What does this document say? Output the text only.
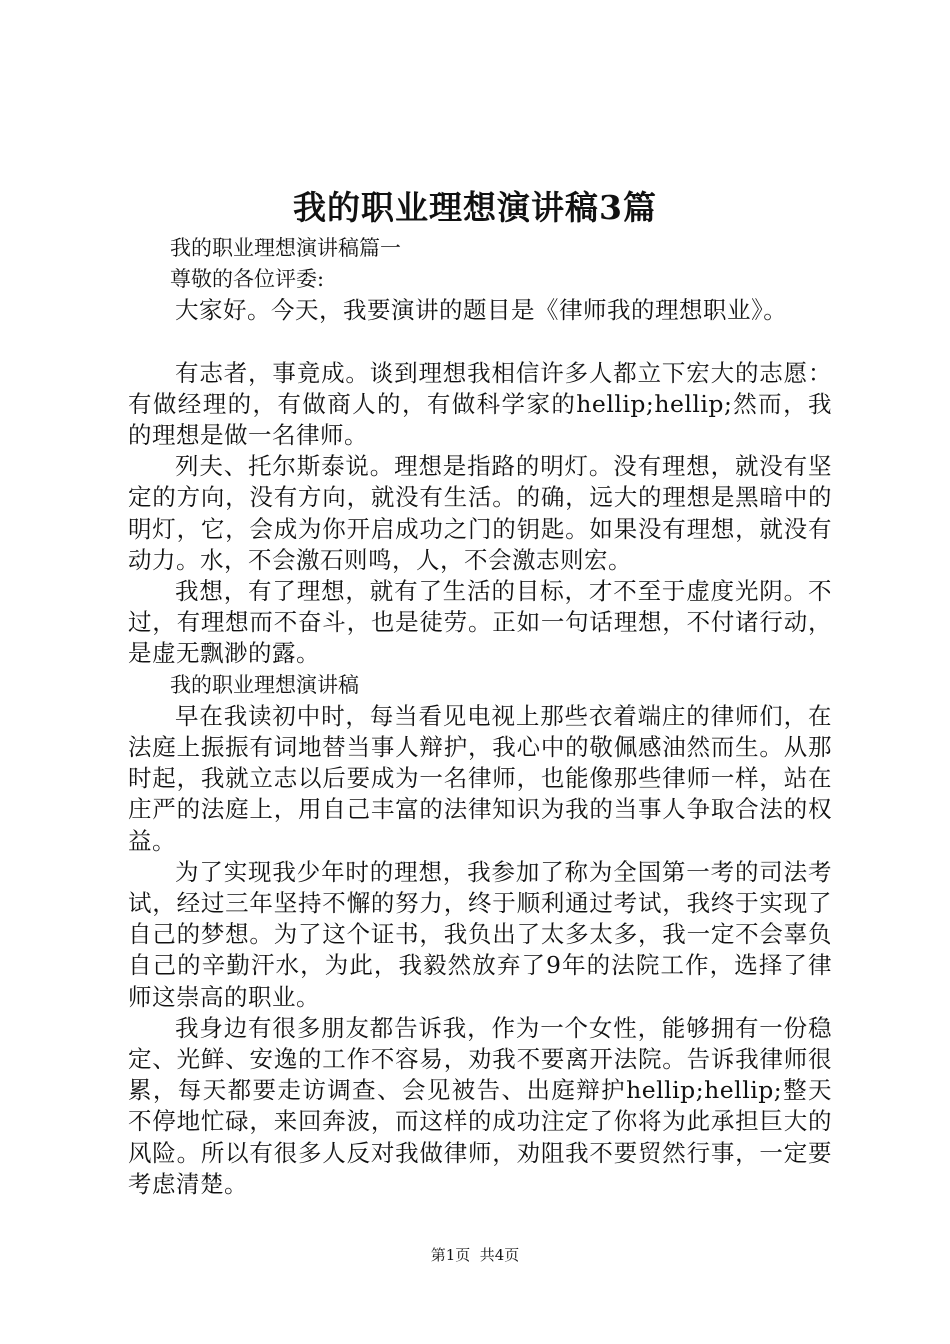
我的职业理想演讲稿3篇

我的职业理想演讲稿篇一

尊敬的各位评委:

大家好。今天，我要演讲的题目是《律师我的理想职业》。

有志者，事竟成。谈到理想我相信许多人都立下宏大的志愿：有做经理的，有做商人的，有做科学家的hellip;hellip;然而，我的理想是做一名律师。

列夫、托尔斯泰说。理想是指路的明灯。没有理想，就没有坚定的方向，没有方向，就没有生活。的确，远大的理想是黑暗中的明灯，它，会成为你开启成功之门的钥匙。如果没有理想，就没有动力。水，不会激石则鸣，人，不会激志则宏。

我想，有了理想，就有了生活的目标，才不至于虚度光阴。不过，有理想而不奋斗，也是徒劳。正如一句话理想，不付诸行动，是虚无飘渺的露。

我的职业理想演讲稿

早在我读初中时，每当看见电视上那些衣着端庄的律师们，在法庭上振振有词地替当事人辩护，我心中的敬佩感油然而生。从那时起，我就立志以后要成为一名律师，也能像那些律师一样，站在庄严的法庭上，用自己丰富的法律知识为我的当事人争取合法的权益。

为了实现我少年时的理想，我参加了称为全国第一考的司法考试，经过三年坚持不懈的努力，终于顺利通过考试，我终于实现了自己的梦想。为了这个证书，我负出了太多太多，我一定不会辜负自己的辛勤汗水，为此，我毅然放弃了9年的法院工作，选择了律师这崇高的职业。

我身边有很多朋友都告诉我，作为一个女性，能够拥有一份稳定、光鲜、安逸的工作不容易，劝我不要离开法院。告诉我律师很累，每天都要走访调查、会见被告、出庭辩护hellip;hellip;整天不停地忙碌，来回奔波，而这样的成功注定了你将为此承担巨大的风险。所以有很多人反对我做律师，劝阻我不要贸然行事，一定要考虑清楚。

第1页  共4页
